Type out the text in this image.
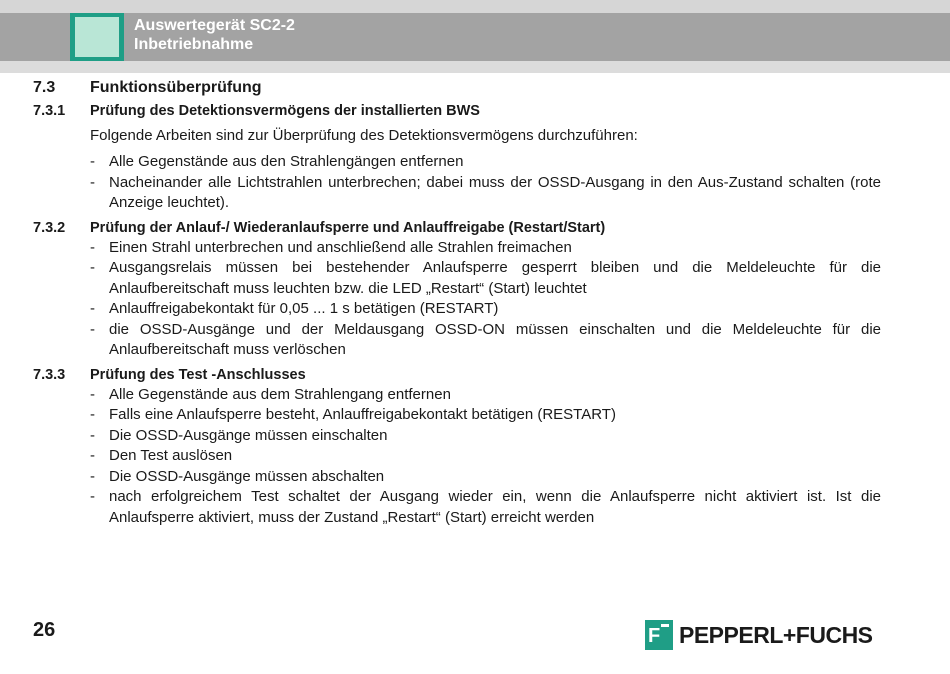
Auswertegerät SC2-2
Inbetriebnahme
7.3	Funktionsüberprüfung
7.3.1	Prüfung des Detektionsvermögens der installierten BWS
Folgende Arbeiten sind zur Überprüfung des Detektionsvermögens durchzuführen:
- Alle Gegenstände aus den Strahlengängen entfernen
- Nacheinander alle Lichtstrahlen unterbrechen; dabei muss der OSSD-Ausgang in den Aus-Zustand schalten (rote Anzeige leuchtet).
7.3.2	Prüfung der Anlauf-/ Wiederanlaufsperre und Anlauffreigabe (Restart/Start)
- Einen Strahl unterbrechen und anschließend alle Strahlen freimachen
- Ausgangsrelais müssen bei bestehender Anlaufsperre gesperrt bleiben und die Meldeleuchte für die Anlaufbereitschaft muss leuchten bzw. die LED „Restart“ (Start) leuchtet
- Anlauffreigabekontakt für 0,05 ... 1 s betätigen (RESTART)
- die OSSD-Ausgänge und der Meldausgang OSSD-ON müssen einschalten und die Meldeleuchte für die Anlaufbereitschaft muss verlöschen
7.3.3	Prüfung des Test -Anschlusses
- Alle Gegenstände aus dem Strahlengang entfernen
- Falls eine Anlaufsperre besteht, Anlauffreigabekontakt betätigen (RESTART)
- Die OSSD-Ausgänge müssen einschalten
- Den Test auslösen
- Die OSSD-Ausgänge müssen abschalten
- nach erfolgreichem Test schaltet der Ausgang wieder ein, wenn die Anlaufsperre nicht aktiviert ist. Ist die Anlaufsperre aktiviert, muss der Zustand „Restart“ (Start) erreicht werden
26	F PEPPERL+FUCHS
